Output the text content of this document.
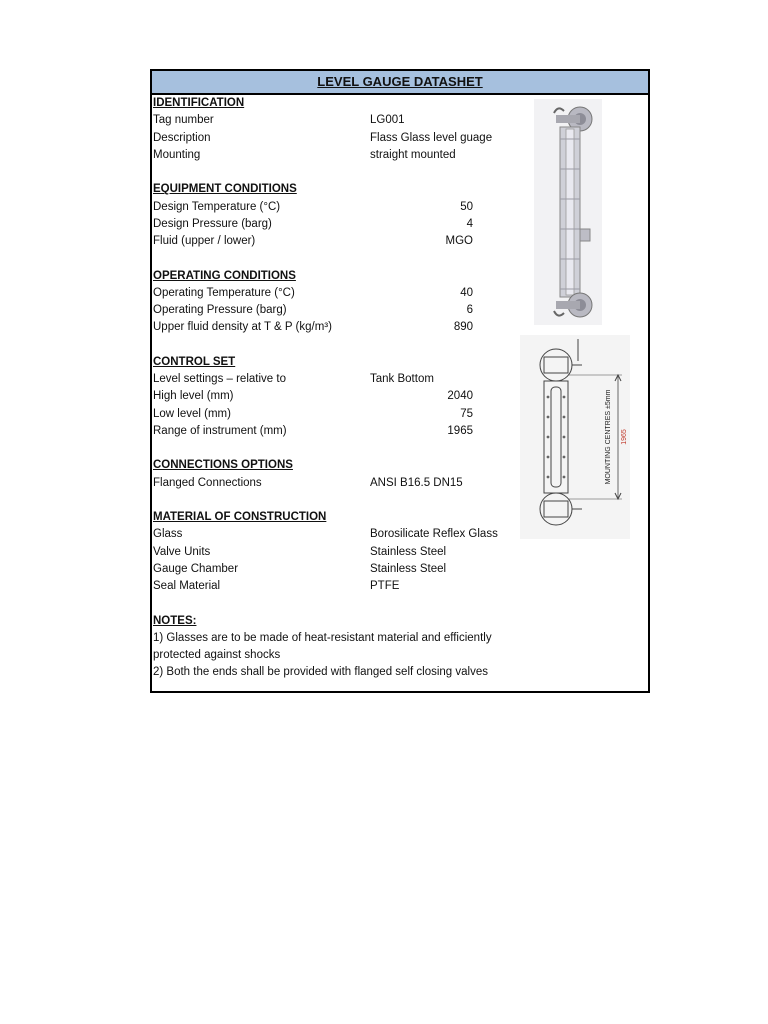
LEVEL GAUGE DATASHET
IDENTIFICATION
Tag number	LG001
Description	Flass Glass level guage
Mounting	straight mounted
EQUIPMENT CONDITIONS
Design Temperature (°C)	50
Design Pressure (barg)	4
Fluid (upper / lower)	MGO
OPERATING CONDITIONS
Operating Temperature (°C)	40
Operating Pressure (barg)	6
Upper fluid density at T & P (kg/m³)	890
CONTROL SET
Level settings – relative to	Tank Bottom
High level (mm)	2040
Low level (mm)	75
Range of instrument (mm)	1965
CONNECTIONS OPTIONS
Flanged Connections	ANSI B16.5 DN15
MATERIAL OF CONSTRUCTION
Glass	Borosilicate Reflex Glass
Valve Units	Stainless Steel
Gauge Chamber	Stainless Steel
Seal Material	PTFE
NOTES:
1) Glasses are to be made of heat-resistant material and efficiently
protected against shocks
2) Both the ends shall be provided with flanged self closing valves
MOUNTING CENTRES ±5mm 1965
